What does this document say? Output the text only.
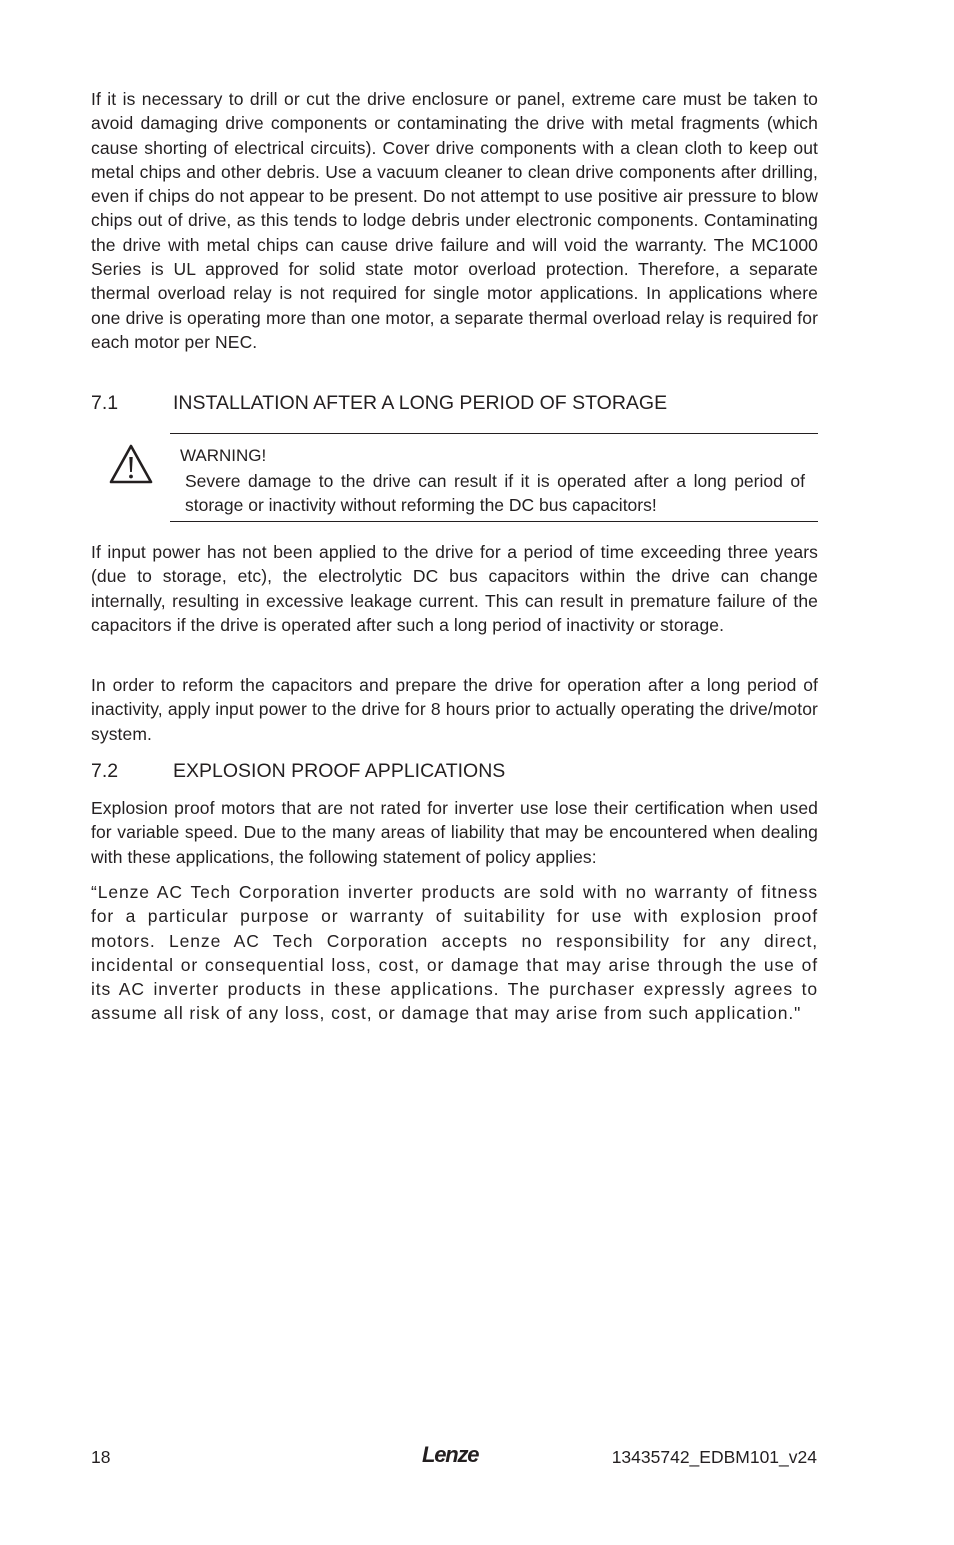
If it is necessary to drill or cut the drive enclosure or panel, extreme care must be taken to avoid damaging drive components or contaminating the drive with metal fragments (which cause shorting of electrical circuits). Cover drive components with a clean cloth to keep out metal chips and other debris. Use a vacuum cleaner to clean drive components after drilling, even if chips do not appear to be present. Do not attempt to use positive air pressure to blow chips out of drive, as this tends to lodge debris under electronic components. Contaminating the drive with metal chips can cause drive failure and will void the warranty. The MC1000 Series is UL approved for solid state motor overload protection. Therefore, a separate thermal overload relay is not required for single motor applications. In applications where one drive is operating more than one motor, a separate thermal overload relay is required for each motor per NEC.

7.1	INSTALLATION AFTER A LONG PERIOD OF STORAGE
WARNING!
Severe damage to the drive can result if it is operated after a long period of storage or inactivity without reforming the DC bus capacitors!

If input power has not been applied to the drive for a period of time exceeding three years (due to storage, etc), the electrolytic DC bus capacitors within the drive can change internally, resulting in excessive leakage current. This can result in premature failure of the capacitors if the drive is operated after such a long period of inactivity or storage.

In order to reform the capacitors and prepare the drive for operation after a long period of inactivity, apply input power to the drive for 8 hours prior to actually operating the drive/motor system.

7.2	EXPLOSION PROOF APPLICATIONS

Explosion proof motors that are not rated for inverter use lose their certification when used for variable speed. Due to the many areas of liability that may be encountered when dealing with these applications, the following statement of policy applies:

“Lenze AC Tech Corporation inverter products are sold with no warranty of fitness for a particular purpose or warranty of suitability for use with explosion proof motors. Lenze AC Tech Corporation accepts no responsibility for any direct, incidental or consequential loss, cost, or damage that may arise through the use of its AC inverter products in these applications. The purchaser expressly agrees to assume all risk of any loss, cost, or damage that may arise from such application."

18	Lenze	13435742_EDBM101_v24
